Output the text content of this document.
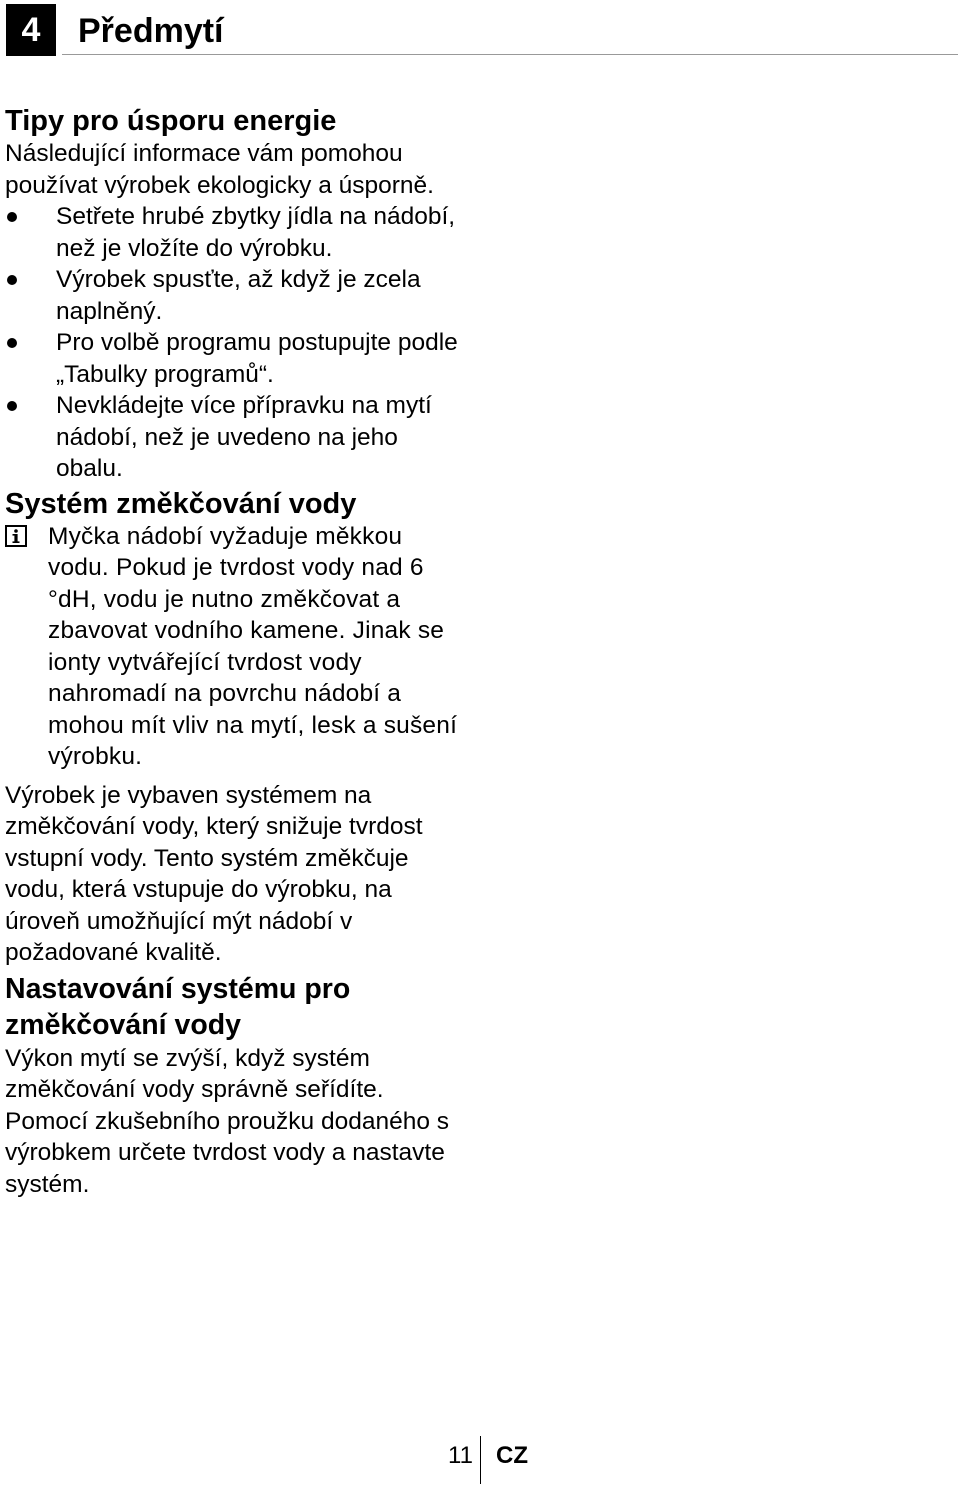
4	Předmytí
Tipy pro úsporu energie

Následující informace vám pomohou používat výrobek ekologicky a úsporně.

Setřete hrubé zbytky jídla na nádobí, než je vložíte do výrobku.
Výrobek spusťte, až když je zcela naplněný.
Pro volbě programu postupujte podle „Tabulky programů“.
Nevkládejte více přípravku na mytí nádobí, než je uvedeno na jeho obalu.
Systém změkčování vody

Myčka nádobí vyžaduje měkkou vodu. Pokud je tvrdost vody nad 6 °dH, vodu je nutno změkčovat a zbavovat vodního kamene. Jinak se ionty vytvářející tvrdost vody nahromadí na povrchu nádobí a mohou mít vliv na mytí, lesk a sušení výrobku.

Výrobek je vybaven systémem na změkčování vody, který snižuje tvrdost vstupní vody. Tento systém změkčuje vodu, která vstupuje do výrobku, na úroveň umožňující mýt nádobí v požadované kvalitě.

Nastavování systému pro změkčování vody

Výkon mytí se zvýší, když systém změkčování vody správně seřídíte. Pomocí zkušebního proužku dodaného s výrobkem určete tvrdost vody a nastavte systém.

11 CZ
